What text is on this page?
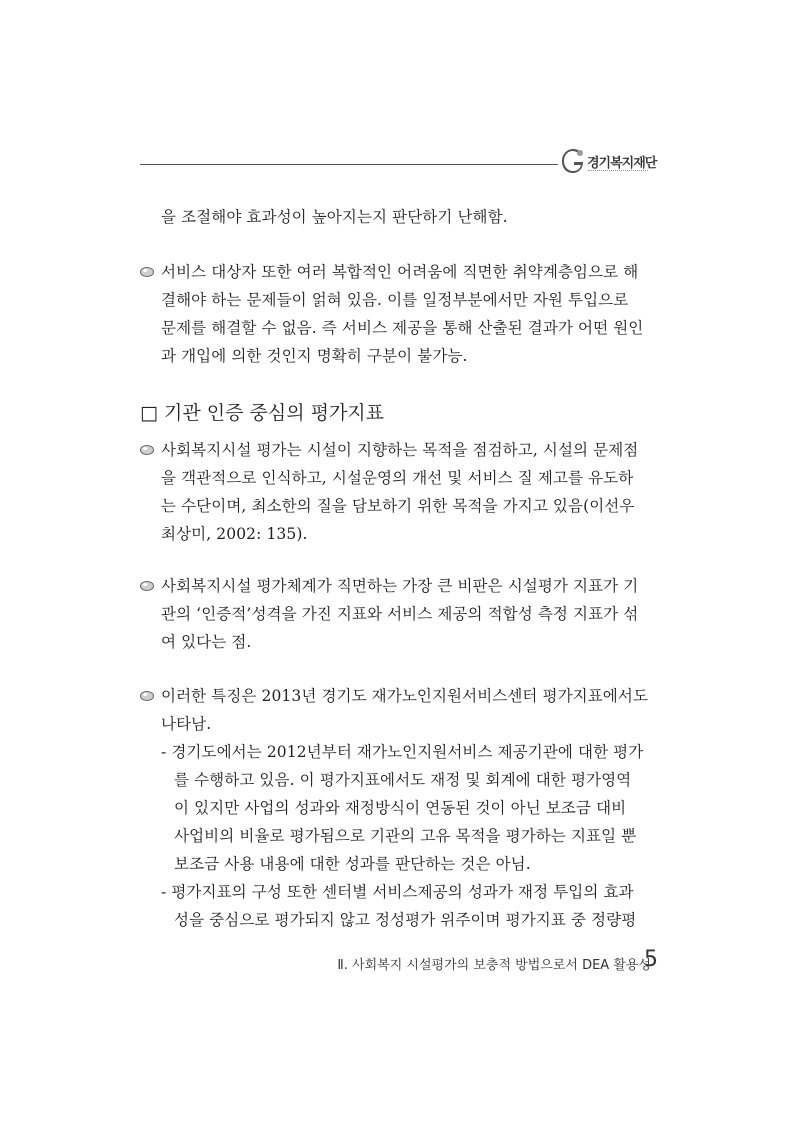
경기복지재단
을 조절해야 효과성이 높아지는지 판단하기 난해함.
서비스 대상자 또한 여러 복합적인 어려움에 직면한 취약계층임으로 해
결해야 하는 문제들이 얽혀 있음. 이를 일정부분에서만 자원 투입으로
문제를 해결할 수 없음. 즉 서비스 제공을 통해 산출된 결과가 어떤 원인
과 개입에 의한 것인지 명확히 구분이 불가능.
□ 기관 인증 중심의 평가지표
사회복지시설 평가는 시설이 지향하는 목적을 점검하고, 시설의 문제점
을 객관적으로 인식하고, 시설운영의 개선 및 서비스 질 제고를 유도하
는 수단이며, 최소한의 질을 담보하기 위한 목적을 가지고 있음(이선우
최상미, 2002: 135).
사회복지시설 평가체계가 직면하는 가장 큰 비판은 시설평가 지표가 기
관의 ‘인증적’성격을 가진 지표와 서비스 제공의 적합성 측정 지표가 섞
여 있다는 점.
이러한 특징은 2013년 경기도 재가노인지원서비스센터 평가지표에서도
나타남.
- 경기도에서는 2012년부터 재가노인지원서비스 제공기관에 대한 평가
를 수행하고 있음. 이 평가지표에서도 재정 및 회계에 대한 평가영역
이 있지만 사업의 성과와 재정방식이 연동된 것이 아닌 보조금 대비
사업비의 비율로 평가됨으로 기관의 고유 목적을 평가하는 지표일 뿐
보조금 사용 내용에 대한 성과를 판단하는 것은 아님.
- 평가지표의 구성 또한 센터별 서비스제공의 성과가 재정 투입의 효과
성을 중심으로 평가되지 않고 정성평가 위주이며 평가지표 중 정량평
Ⅱ. 사회복지 시설평가의 보충적 방법으로서 DEA 활용성
5
